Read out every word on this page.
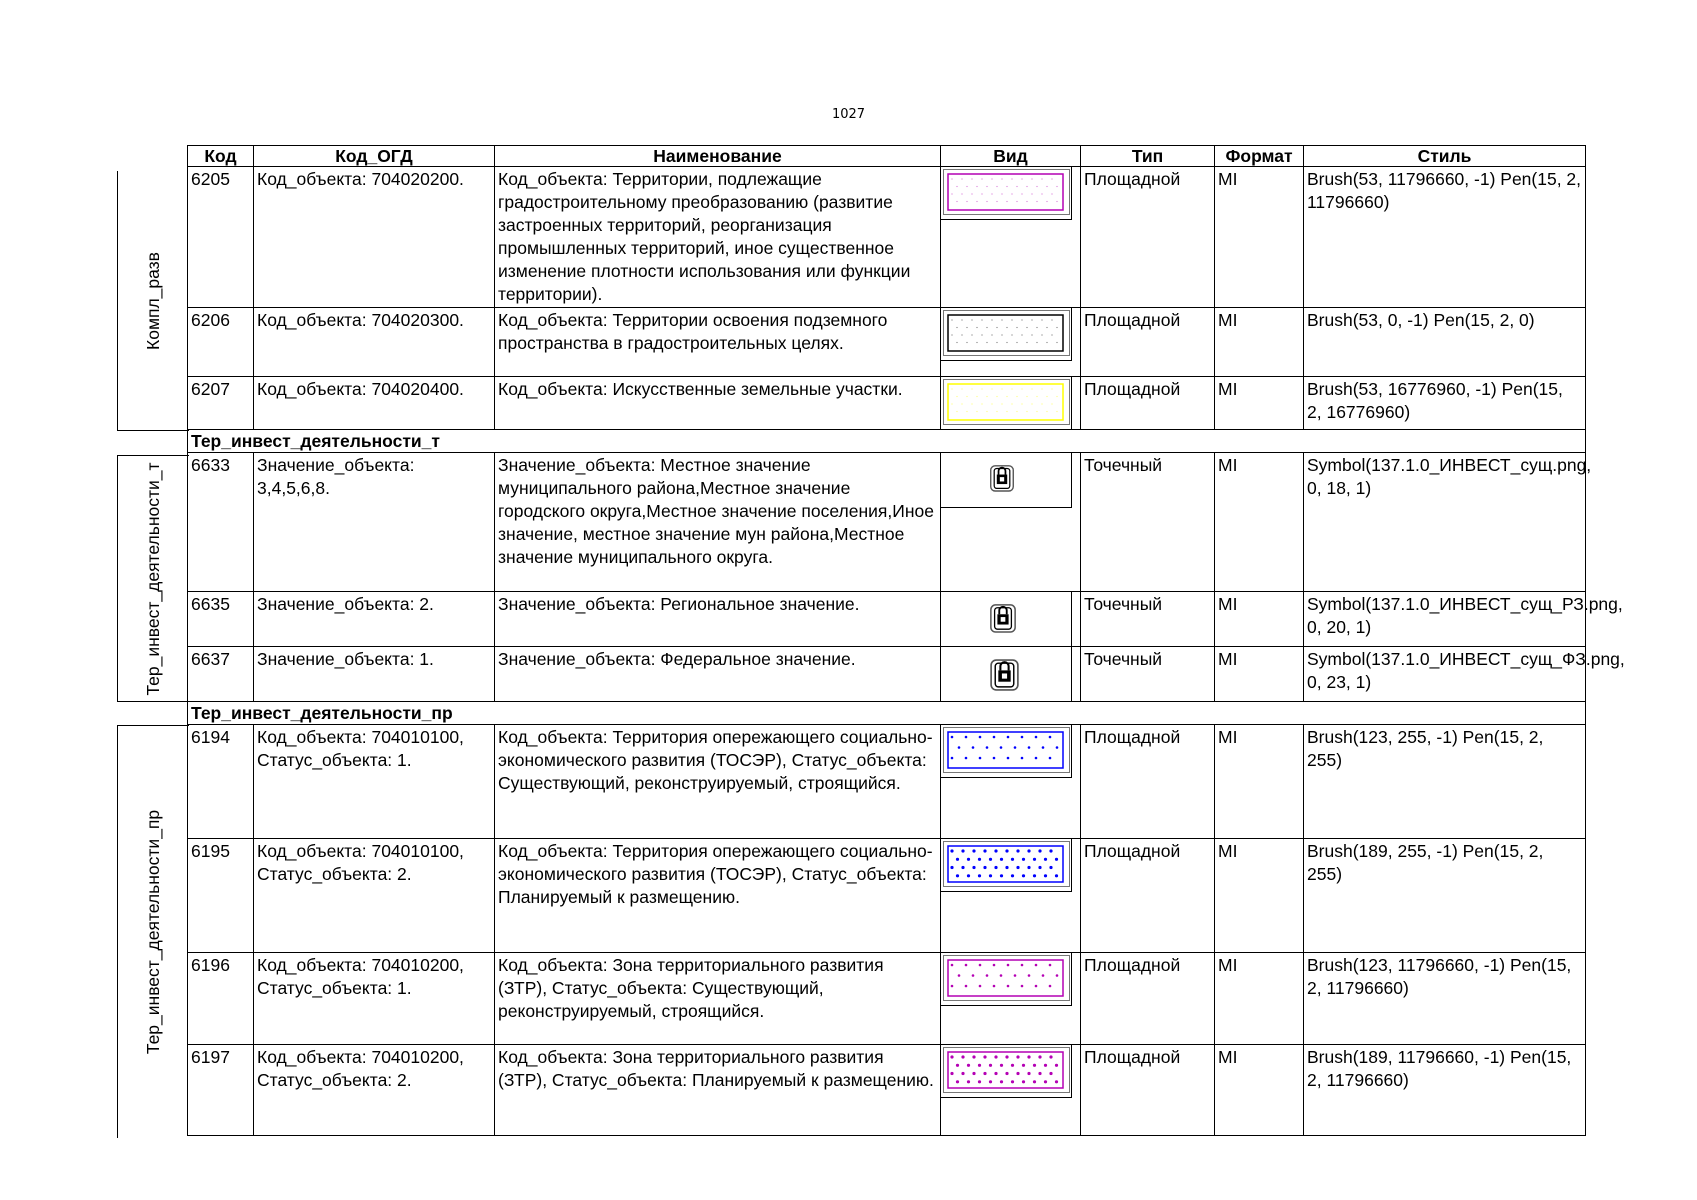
1027
Компл_разв
Тер_инвест_деятельности_т
Тер_инвест_деятельности_пр
Код	Код_ОГД	Наименование	Вид	Тип	Формат	Стиль
6205	Код_объекта: 704020200.	Код_объекта: Территории, подлежащие градостроительному преобразованию (развитие застроенных территорий, реорганизация промышленных территорий, иное существенное изменение плотности использования или функции территории).		Площадной	MI	Brush(53, 11796660, -1) Pen(15, 2, 11796660)
6206	Код_объекта: 704020300.	Код_объекта: Территории освоения подземного пространства в градостроительных целях.		Площадной	MI	Brush(53, 0, -1) Pen(15, 2, 0)
6207	Код_объекта: 704020400.	Код_объекта: Искусственные земельные участки.		Площадной	MI	Brush(53, 16776960, -1) Pen(15, 2, 16776960)
Тер_инвест_деятельности_т						
6633	Значение_объекта: 3,4,5,6,8.	Значение_объекта: Местное значение муниципального района,Местное значение городского округа,Местное значение поселения,Иное значение, местное значение мун района,Местное значение муниципального округа.		Точечный	MI	Symbol(137.1.0_ИНВЕСТ_сущ.png, 0, 18, 1)
6635	Значение_объекта: 2.	Значение_объекта: Региональное значение.		Точечный	MI	Symbol(137.1.0_ИНВЕСТ_сущ_РЗ.png, 0, 20, 1)
6637	Значение_объекта: 1.	Значение_объекта: Федеральное значение.		Точечный	MI	Symbol(137.1.0_ИНВЕСТ_сущ_ФЗ.png, 0, 23, 1)
Тер_инвест_деятельности_пр						
6194	Код_объекта: 704010100, Статус_объекта: 1.	Код_объекта: Территория опережающего социально-экономического развития (ТОСЭР), Статус_объекта: Существующий, реконструируемый, строящийся.		Площадной	MI	Brush(123, 255, -1) Pen(15, 2, 255)
6195	Код_объекта: 704010100, Статус_объекта: 2.	Код_объекта: Территория опережающего социально-экономического развития (ТОСЭР), Статус_объекта: Планируемый к размещению.		Площадной	MI	Brush(189, 255, -1) Pen(15, 2, 255)
6196	Код_объекта: 704010200, Статус_объекта: 1.	Код_объекта: Зона территориального развития (ЗТР), Статус_объекта: Существующий, реконструируемый, строящийся.		Площадной	MI	Brush(123, 11796660, -1) Pen(15, 2, 11796660)
6197	Код_объекта: 704010200, Статус_объекта: 2.	Код_объекта: Зона территориального развития (ЗТР), Статус_объекта: Планируемый к размещению.		Площадной	MI	Brush(189, 11796660, -1) Pen(15, 2, 11796660)
